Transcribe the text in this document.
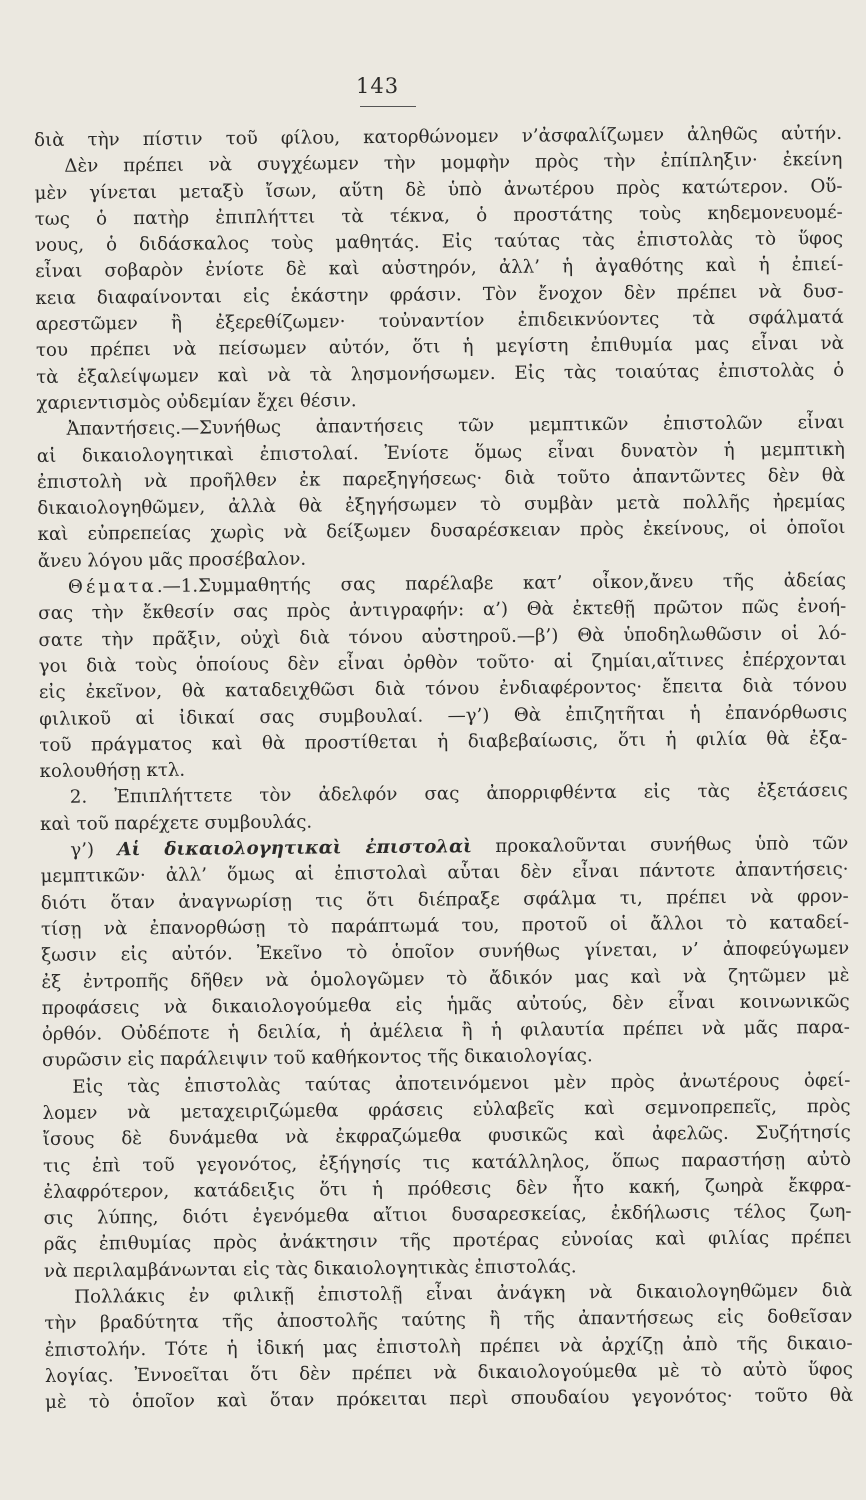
143
διὰ τὴν πίστιν τοῦ φίλου, κατορθώνομεν ν’ἀσφαλίζωμεν ἀληθῶς αὐτήν.
Δὲν πρέπει νὰ συγχέωμεν τὴν μομφὴν πρὸς τὴν ἐπίπληξιν· ἐκείνη
μὲν γίνεται μεταξὺ ἴσων, αὕτη δὲ ὑπὸ ἀνωτέρου πρὸς κατώτερον. Οὕ-
τως ὁ πατὴρ ἐπιπλήττει τὰ τέκνα, ὁ προστάτης τοὺς κηδεμονευομέ-
νους, ὁ διδάσκαλος τοὺς μαθητάς. Εἰς ταύτας τὰς ἐπιστολὰς τὸ ὕφος
εἶναι σοβαρὸν ἐνίοτε δὲ καὶ αὐστηρόν, ἀλλ’ ἡ ἀγαθότης καὶ ἡ ἐπιεί-
κεια διαφαίνονται εἰς ἑκάστην φράσιν. Τὸν ἔνοχον δὲν πρέπει νὰ δυσ-
αρεστῶμεν ἢ ἐξερεθίζωμεν· τοὐναντίον ἐπιδεικνύοντες τὰ σφάλματά
του πρέπει νὰ πείσωμεν αὐτόν, ὅτι ἡ μεγίστη ἐπιθυμία μας εἶναι νὰ
τὰ ἐξαλείψωμεν καὶ νὰ τὰ λησμονήσωμεν. Εἰς τὰς τοιαύτας ἐπιστολὰς ὁ
χαριεντισμὸς οὐδεμίαν ἔχει θέσιν.
Ἀπαντήσεις.—Συνήθως ἀπαντήσεις τῶν μεμπτικῶν ἐπιστολῶν εἶναι
αἱ δικαιολογητικαὶ ἐπιστολαί. Ἐνίοτε ὅμως εἶναι δυνατὸν ἡ μεμπτικὴ
ἐπιστολὴ νὰ προῆλθεν ἐκ παρεξηγήσεως· διὰ τοῦτο ἀπαντῶντες δὲν θὰ
δικαιολογηθῶμεν, ἀλλὰ θὰ ἐξηγήσωμεν τὸ συμβὰν μετὰ πολλῆς ἠρεμίας
καὶ εὐπρεπείας χωρὶς νὰ δείξωμεν δυσαρέσκειαν πρὸς ἐκείνους, οἱ ὁποῖοι
ἄνευ λόγου μᾶς προσέβαλον.
Θέματα.—1.Συμμαθητής σας παρέλαβε κατ’ οἶκον,ἄνευ τῆς ἀδείας
σας τὴν ἔκθεσίν σας πρὸς ἀντιγραφήν: α’) Θὰ ἐκτεθῇ πρῶτον πῶς ἐνοή-
σατε τὴν πρᾶξιν, οὐχὶ διὰ τόνου αὐστηροῦ.—β’) Θὰ ὑποδηλωθῶσιν οἱ λό-
γοι διὰ τοὺς ὁποίους δὲν εἶναι ὀρθὸν τοῦτο· αἱ ζημίαι,αἵτινες ἐπέρχονται
εἰς ἐκεῖνον, θὰ καταδειχθῶσι διὰ τόνου ἐνδιαφέροντος· ἔπειτα διὰ τόνου
φιλικοῦ αἱ ἰδικαί σας συμβουλαί. —γ’) Θὰ ἐπιζητῆται ἡ ἐπανόρθωσις
τοῦ πράγματος καὶ θὰ προστίθεται ἡ διαβεβαίωσις, ὅτι ἡ φιλία θὰ ἐξα-
κολουθήσῃ κτλ.
2. Ἐπιπλήττετε τὸν ἀδελφόν σας ἀπορριφθέντα εἰς τὰς ἐξετάσεις
καὶ τοῦ παρέχετε συμβουλάς.
γ’) Αἱ δικαιολογητικαὶ ἐπιστολαὶ προκαλοῦνται συνήθως ὑπὸ τῶν
μεμπτικῶν· ἀλλ’ ὅμως αἱ ἐπιστολαὶ αὗται δὲν εἶναι πάντοτε ἀπαντήσεις·
διότι ὅταν ἀναγνωρίσῃ τις ὅτι διέπραξε σφάλμα τι, πρέπει νὰ φρον-
τίσῃ νὰ ἐπανορθώσῃ τὸ παράπτωμά του, προτοῦ οἱ ἄλλοι τὸ καταδεί-
ξωσιν εἰς αὐτόν. Ἐκεῖνο τὸ ὁποῖον συνήθως γίνεται, ν’ ἀποφεύγωμεν
ἐξ ἐντροπῆς δῆθεν νὰ ὁμολογῶμεν τὸ ἄδικόν μας καὶ νὰ ζητῶμεν μὲ
προφάσεις νὰ δικαιολογούμεθα εἰς ἡμᾶς αὐτούς, δὲν εἶναι κοινωνικῶς
ὀρθόν. Οὐδέποτε ἡ δειλία, ἡ ἀμέλεια ἢ ἡ φιλαυτία πρέπει νὰ μᾶς παρα-
συρῶσιν εἰς παράλειψιν τοῦ καθήκοντος τῆς δικαιολογίας.
Εἰς τὰς ἐπιστολὰς ταύτας ἀποτεινόμενοι μὲν πρὸς ἀνωτέρους ὀφεί-
λομεν νὰ μεταχειριζώμεθα φράσεις εὐλαβεῖς καὶ σεμνοπρεπεῖς, πρὸς
ἴσους δὲ δυνάμεθα νὰ ἐκφραζώμεθα φυσικῶς καὶ ἀφελῶς. Συζήτησίς
τις ἐπὶ τοῦ γεγονότος, ἐξήγησίς τις κατάλληλος, ὅπως παραστήσῃ αὐτὸ
ἐλαφρότερον, κατάδειξις ὅτι ἡ πρόθεσις δὲν ἦτο κακή, ζωηρὰ ἔκφρα-
σις λύπης, διότι ἐγενόμεθα αἴτιοι δυσαρεσκείας, ἐκδήλωσις τέλος ζωη-
ρᾶς ἐπιθυμίας πρὸς ἀνάκτησιν τῆς προτέρας εὐνοίας καὶ φιλίας πρέπει
νὰ περιλαμβάνωνται εἰς τὰς δικαιολογητικὰς ἐπιστολάς.
Πολλάκις ἐν φιλικῇ ἐπιστολῇ εἶναι ἀνάγκη νὰ δικαιολογηθῶμεν διὰ
τὴν βραδύτητα τῆς ἀποστολῆς ταύτης ἢ τῆς ἀπαντήσεως εἰς δοθεῖσαν
ἐπιστολήν. Τότε ἡ ἰδική μας ἐπιστολὴ πρέπει νὰ ἀρχίζῃ ἀπὸ τῆς δικαιο-
λογίας. Ἐννοεῖται ὅτι δὲν πρέπει νὰ δικαιολογούμεθα μὲ τὸ αὐτὸ ὕφος
μὲ τὸ ὁποῖον καὶ ὅταν πρόκειται περὶ σπουδαίου γεγονότος· τοῦτο θὰ
